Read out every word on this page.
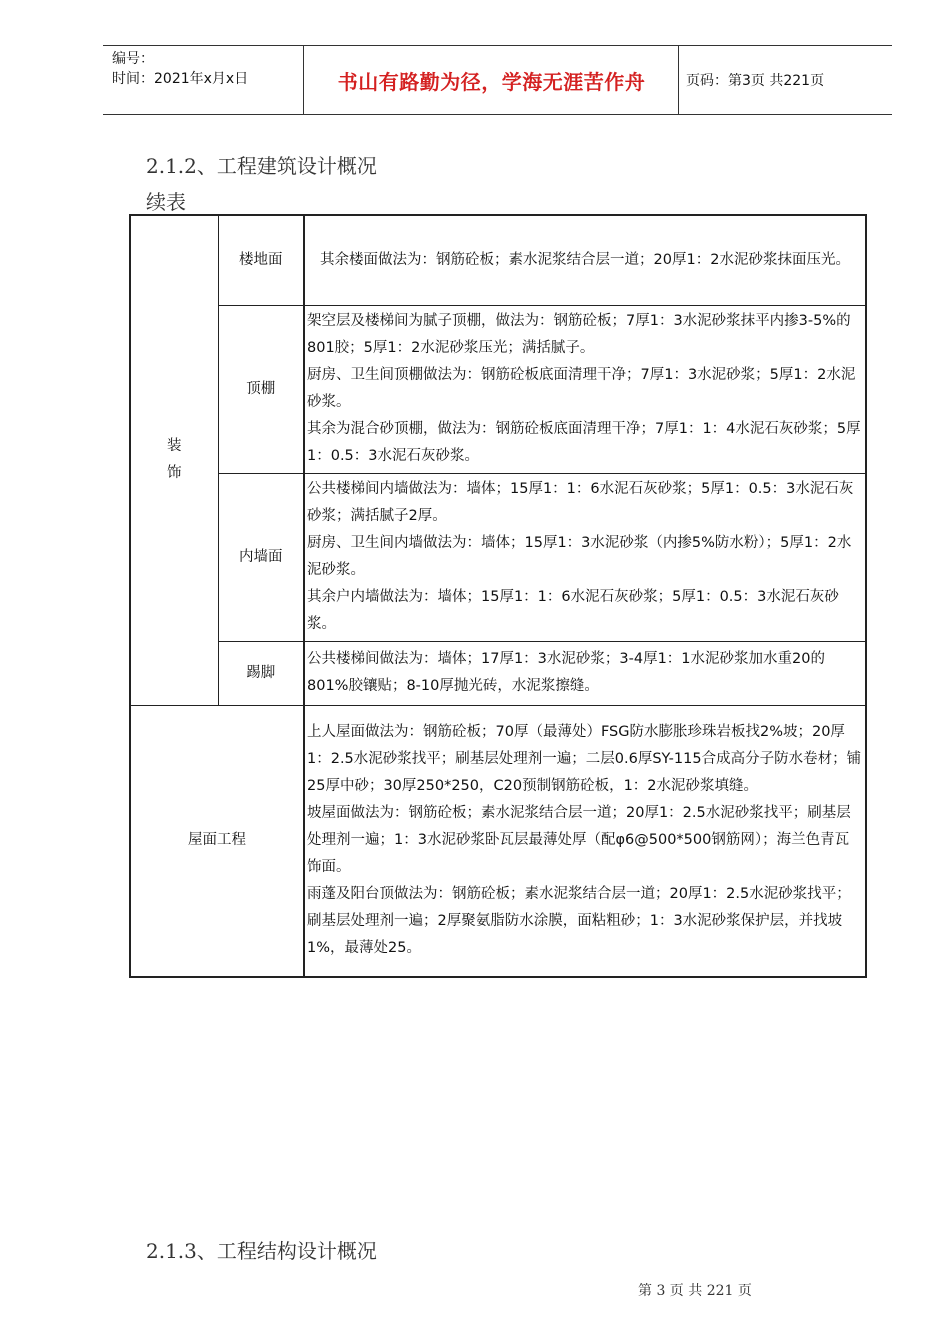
编号：
时间：2021年x月x日	书山有路勤为径，学海无涯苦作舟	页码：第3页 共221页
2.1.2、工程建筑设计概况
续表
装饰	楼地面	其余楼面做法为：钢筋砼板；素水泥浆结合层一道；20厚1：2水泥砂浆抹面压光。

	顶棚	架空层及楼梯间为腻子顶棚，做法为：钢筋砼板；7厚1：3水泥砂浆抹平内掺3-5%的801胶；5厚1：2水泥砂浆压光；满括腻子。
厨房、卫生间顶棚做法为：钢筋砼板底面清理干净；7厚1：3水泥砂浆；5厚1：2水泥砂浆。
其余为混合砂顶棚，做法为：钢筋砼板底面清理干净；7厚1：1：4水泥石灰砂浆；5厚1：0.5：3水泥石灰砂浆。

	内墙面	公共楼梯间内墙做法为：墙体；15厚1：1：6水泥石灰砂浆；5厚1：0.5：3水泥石灰砂浆；满括腻子2厚。
厨房、卫生间内墙做法为：墙体；15厚1：3水泥砂浆（内掺5%防水粉）；5厚1：2水泥砂浆。
其余户内墙做法为：墙体；15厚1：1：6水泥石灰砂浆；5厚1：0.5：3水泥石灰砂浆。

	踢脚	公共楼梯间做法为：墙体；17厚1：3水泥砂浆；3-4厚1：1水泥砂浆加水重20的801%胶镶贴；8-10厚抛光砖，水泥浆擦缝。

屋面工程		上人屋面做法为：钢筋砼板；70厚（最薄处）FSG防水膨胀珍珠岩板找2%坡；20厚1：2.5水泥砂浆找平；刷基层处理剂一遍；二层0.6厚SY-115合成高分子防水卷材；铺25厚中砂；30厚250*250，C20预制钢筋砼板，1：2水泥砂浆填缝。
坡屋面做法为：钢筋砼板；素水泥浆结合层一道；20厚1：2.5水泥砂浆找平；刷基层处理剂一遍；1：3水泥砂浆卧瓦层最薄处厚（配φ6@500*500钢筋网）；海兰色青瓦饰面。
雨蓬及阳台顶做法为：钢筋砼板；素水泥浆结合层一道；20厚1：2.5水泥砂浆找平；刷基层处理剂一遍；2厚聚氨脂防水涂膜，面粘粗砂；1：3水泥砂浆保护层，并找坡1%，最薄处25。
2.1.3、工程结构设计概况
第 3 页 共 221 页
